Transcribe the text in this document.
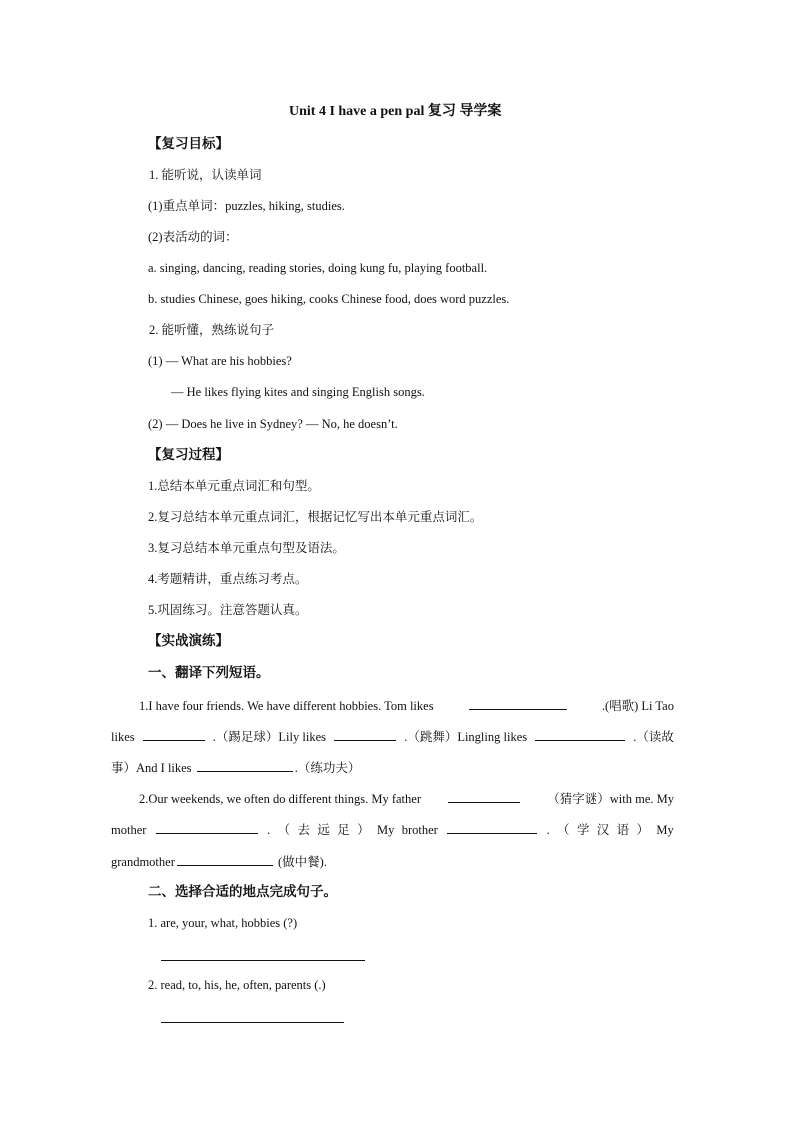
Unit 4 I have a pen pal 复习 导学案
【复习目标】
1. 能听说，认读单词
(1)重点单词：puzzles, hiking, studies.
(2)表活动的词：
a. singing, dancing, reading stories, doing kung fu, playing football.
b. studies Chinese, goes hiking, cooks Chinese food, does word puzzles.
2. 能听懂，熟练说句子
(1) — What are his hobbies?
— He likes flying kites and singing English songs.
(2) — Does he live in Sydney? — No, he doesn’t.
【复习过程】
1.总结本单元重点词汇和句型。
2.复习总结本单元重点词汇，根据记忆写出本单元重点词汇。
3.复习总结本单元重点句型及语法。
4.考题精讲，重点练习考点。
5.巩固练习。注意答题认真。
【实战演练】
一、翻译下列短语。
1.I have four friends. We have different hobbies. Tom likes	.(唱歌) Li Tao
likes	.（踢足球）Lily likes	.（跳舞）Lingling likes	.（读故
事）And I likes	.（练功夫）
2.Our weekends, we often do different things. My father	（猜字谜）with me. My
mother	. （ 去 远 足 ） My brother	. （ 学 汉 语 ） My
grandmother	(做中餐).
二、选择合适的地点完成句子。
1. are, your, what, hobbies (?)
2. read, to, his, he, often, parents (.)
